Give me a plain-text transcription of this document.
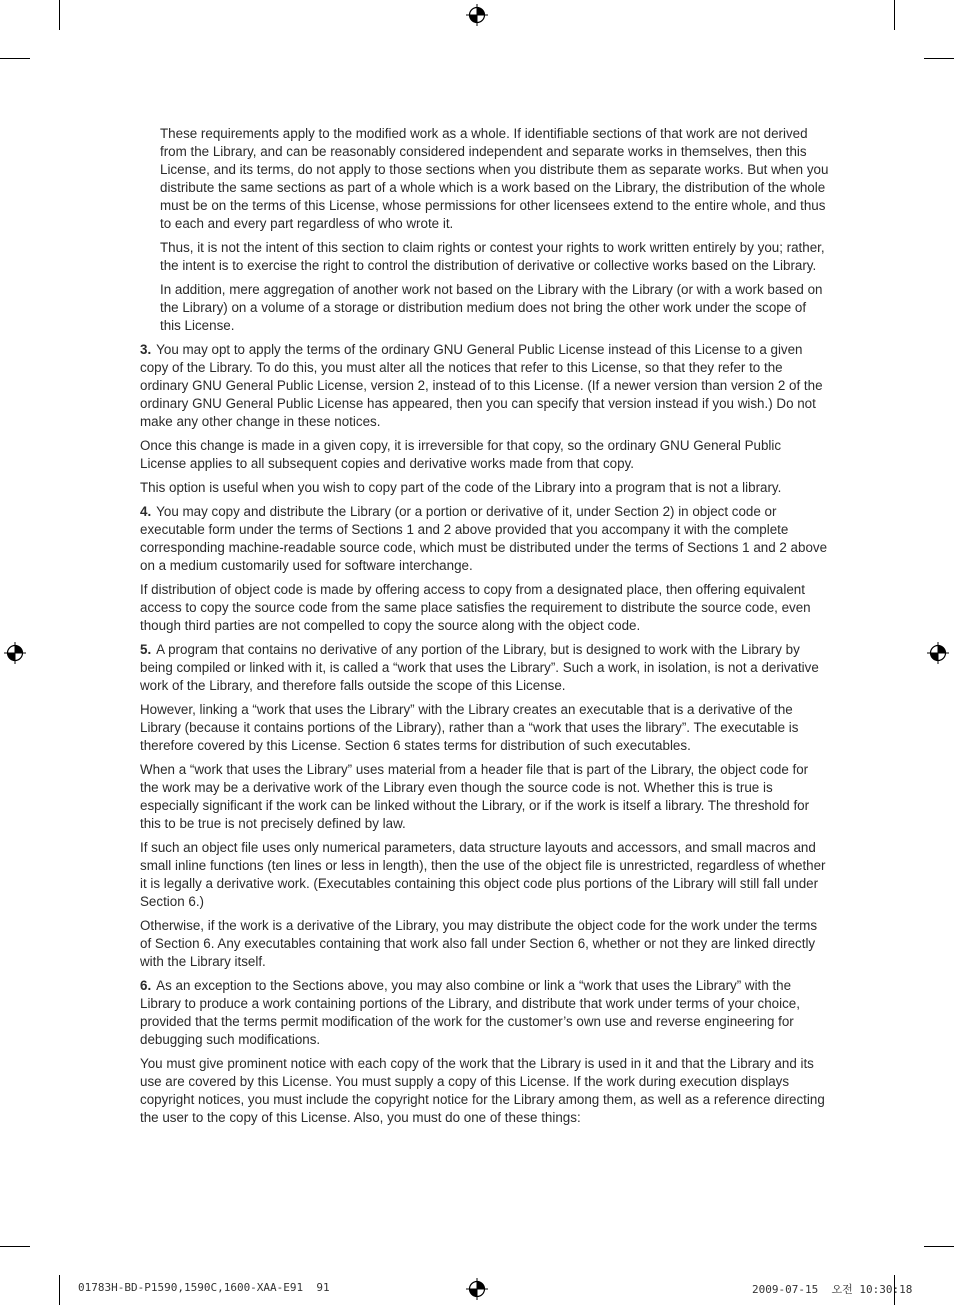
These requirements apply to the modified work as a whole. If identifiable sections of that work are not derived from the Library, and can be reasonably considered independent and separate works in themselves, then this License, and its terms, do not apply to those sections when you distribute them as separate works. But when you distribute the same sections as part of a whole which is a work based on the Library, the distribution of the whole must be on the terms of this License, whose permissions for other licensees extend to the entire whole, and thus to each and every part regardless of who wrote it.

Thus, it is not the intent of this section to claim rights or contest your rights to work written entirely by you; rather, the intent is to exercise the right to control the distribution of derivative or collective works based on the Library.

In addition, mere aggregation of another work not based on the Library with the Library (or with a work based on the Library) on a volume of a storage or distribution medium does not bring the other work under the scope of this License.

3. You may opt to apply the terms of the ordinary GNU General Public License instead of this License to a given copy of the Library. To do this, you must alter all the notices that refer to this License, so that they refer to the ordinary GNU General Public License, version 2, instead of to this License. (If a newer version than version 2 of the ordinary GNU General Public License has appeared, then you can specify that version instead if you wish.) Do not make any other change in these notices.

Once this change is made in a given copy, it is irreversible for that copy, so the ordinary GNU General Public License applies to all subsequent copies and derivative works made from that copy.

This option is useful when you wish to copy part of the code of the Library into a program that is not a library.

4. You may copy and distribute the Library (or a portion or derivative of it, under Section 2) in object code or executable form under the terms of Sections 1 and 2 above provided that you accompany it with the complete corresponding machine-readable source code, which must be distributed under the terms of Sections 1 and 2 above on a medium customarily used for software interchange.

If distribution of object code is made by offering access to copy from a designated place, then offering equivalent access to copy the source code from the same place satisfies the requirement to distribute the source code, even though third parties are not compelled to copy the source along with the object code.

5. A program that contains no derivative of any portion of the Library, but is designed to work with the Library by being compiled or linked with it, is called a “work that uses the Library”. Such a work, in isolation, is not a derivative work of the Library, and therefore falls outside the scope of this License.

However, linking a “work that uses the Library” with the Library creates an executable that is a derivative of the Library (because it contains portions of the Library), rather than a “work that uses the library”. The executable is therefore covered by this License. Section 6 states terms for distribution of such executables.

When a “work that uses the Library” uses material from a header file that is part of the Library, the object code for the work may be a derivative work of the Library even though the source code is not. Whether this is true is especially significant if the work can be linked without the Library, or if the work is itself a library. The threshold for this to be true is not precisely defined by law.

If such an object file uses only numerical parameters, data structure layouts and accessors, and small macros and small inline functions (ten lines or less in length), then the use of the object file is unrestricted, regardless of whether it is legally a derivative work. (Executables containing this object code plus portions of the Library will still fall under Section 6.)

Otherwise, if the work is a derivative of the Library, you may distribute the object code for the work under the terms of Section 6. Any executables containing that work also fall under Section 6, whether or not they are linked directly with the Library itself.

6. As an exception to the Sections above, you may also combine or link a “work that uses the Library” with the Library to produce a work containing portions of the Library, and distribute that work under terms of your choice, provided that the terms permit modification of the work for the customer’s own use and reverse engineering for debugging such modifications.

You must give prominent notice with each copy of the work that the Library is used in it and that the Library and its use are covered by this License. You must supply a copy of this License. If the work during execution displays copyright notices, you must include the copyright notice for the Library among them, as well as a reference directing the user to the copy of this License. Also, you must do one of these things:

01783H-BD-P1590,1590C,1600-XAA-E91  91	2009-07-15  오전 10:30:18
